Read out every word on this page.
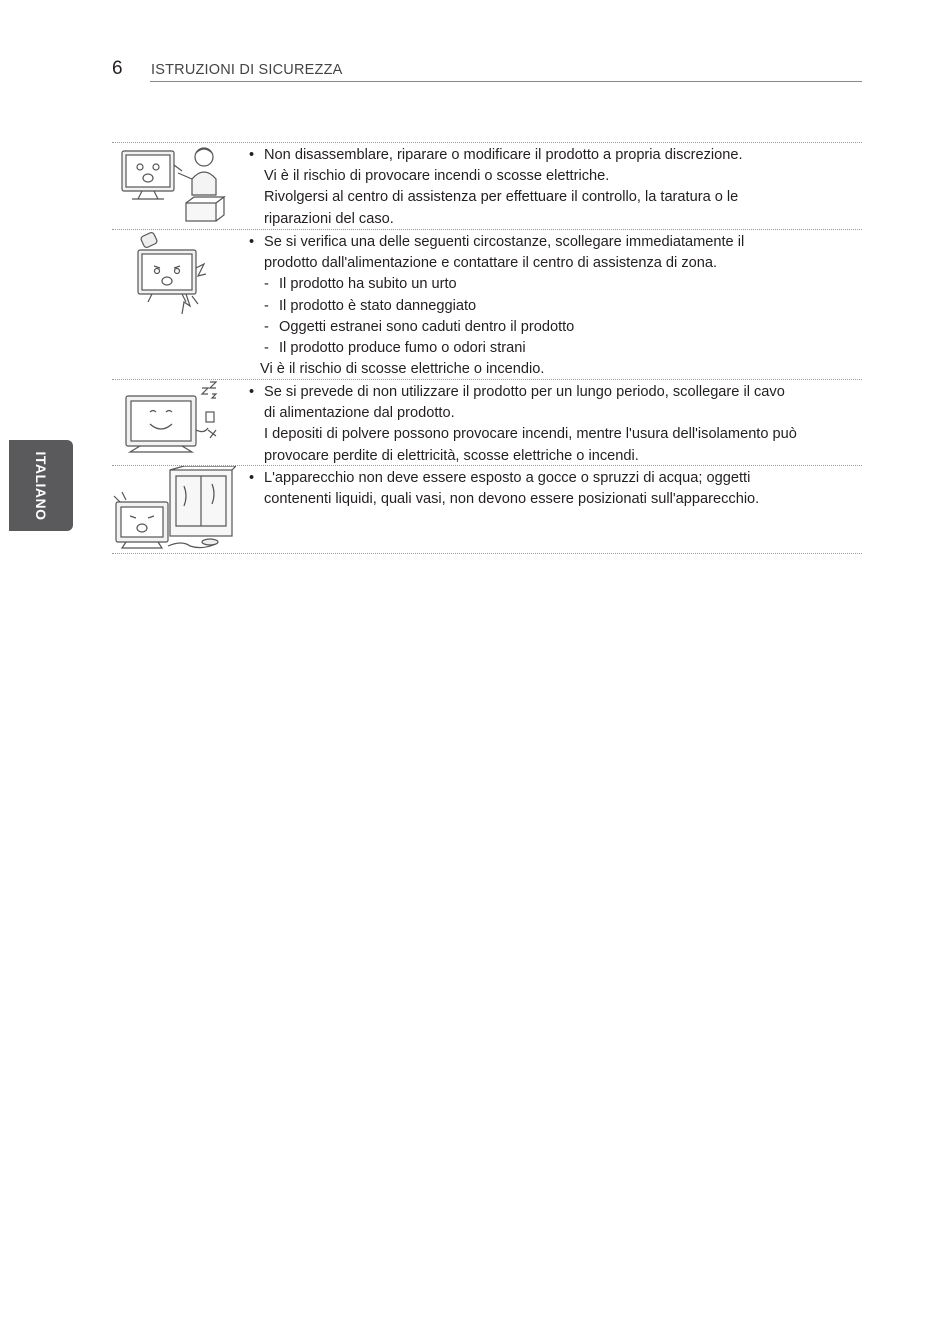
6 ISTRUZIONI DI SICUREZZA
ITALIANO
• Non disassemblare, riparare o modificare il prodotto a propria discrezione.
Vi è il rischio di provocare incendi o scosse elettriche.
Rivolgersi al centro di assistenza per effettuare il controllo, la taratura o le
riparazioni del caso.
• Se si verifica una delle seguenti circostanze, scollegare immediatamente il
prodotto dall'alimentazione e contattare il centro di assistenza di zona.
- Il prodotto ha subito un urto
- Il prodotto è stato danneggiato
- Oggetti estranei sono caduti dentro il prodotto
- Il prodotto produce fumo o odori strani
Vi è il rischio di scosse elettriche o incendio.
• Se si prevede di non utilizzare il prodotto per un lungo periodo, scollegare il cavo
di alimentazione dal prodotto.
I depositi di polvere possono provocare incendi, mentre l'usura dell'isolamento può
provocare perdite di elettricità, scosse elettriche o incendi.
• L'apparecchio non deve essere esposto a gocce o spruzzi di acqua; oggetti
contenenti liquidi, quali vasi, non devono essere posizionati sull'apparecchio.
